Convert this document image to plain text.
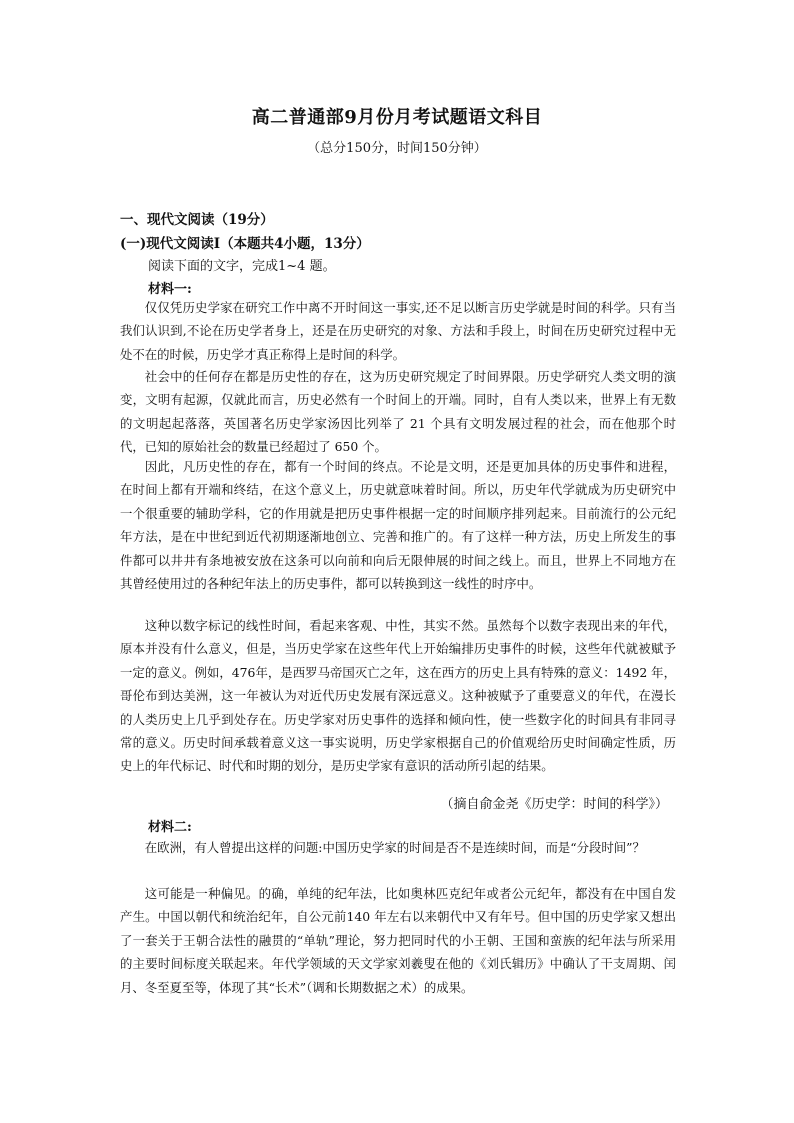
高二普通部9月份月考试题语文科目
（总分150分，时间150分钟）
一、现代文阅读（19分）
(一)现代文阅读Ⅰ（本题共4小题，13分）
阅读下面的文字，完成1~4 题。
材料一:

仅仅凭历史学家在研究工作中离不开时间这一事实,还不足以断言历史学就是时间的科学。只有当我们认识到,不论在历史学者身上，还是在历史研究的对象、方法和手段上，时间在历史研究过程中无处不在的时候，历史学才真正称得上是时间的科学。

社会中的任何存在都是历史性的存在，这为历史研究规定了时间界限。历史学研究人类文明的演变，文明有起源，仅就此而言，历史必然有一个时间上的开端。同时，自有人类以来，世界上有无数的文明起起落落，英国著名历史学家汤因比列举了 21 个具有文明发展过程的社会，而在他那个时代，已知的原始社会的数量已经超过了 650 个。

因此，凡历史性的存在，都有一个时间的终点。不论是文明，还是更加具体的历史事件和进程，在时间上都有开端和终结，在这个意义上，历史就意味着时间。所以，历史年代学就成为历史研究中一个很重要的辅助学科，它的作用就是把历史事件根据一定的时间顺序排列起来。目前流行的公元纪年方法，是在中世纪到近代初期逐渐地创立、完善和推广的。有了这样一种方法，历史上所发生的事件都可以井井有条地被安放在这条可以向前和向后无限伸展的时间之线上。而且，世界上不同地方在其曾经使用过的各种纪年法上的历史事件，都可以转换到这一线性的时序中。

这种以数字标记的线性时间，看起来客观、中性，其实不然。虽然每个以数字表现出来的年代，原本并没有什么意义，但是，当历史学家在这些年代上开始编排历史事件的时候，这些年代就被赋予一定的意义。例如，476年，是西罗马帝国灭亡之年，这在西方的历史上具有特殊的意义：1492 年，哥伦布到达美洲，这一年被认为对近代历史发展有深远意义。这种被赋予了重要意义的年代，在漫长的人类历史上几乎到处存在。历史学家对历史事件的选择和倾向性，使一些数字化的时间具有非同寻常的意义。历史时间承载着意义这一事实说明，历史学家根据自己的价值观给历史时间确定性质，历史上的年代标记、时代和时期的划分，是历史学家有意识的活动所引起的结果。

（摘自俞金尧《历史学：时间的科学》）
材料二:

在欧洲，有人曾提出这样的问题:中国历史学家的时间是否不是连续时间，而是“分段时间”？

这可能是一种偏见。的确，单纯的纪年法，比如奥林匹克纪年或者公元纪年，都没有在中国自发产生。中国以朝代和统治纪年，自公元前140 年左右以来朝代中又有年号。但中国的历史学家又想出了一套关于王朝合法性的融贯的“单轨”理论，努力把同时代的小王朝、王国和蛮族的纪年法与所采用的主要时间标度关联起来。年代学领域的天文学家刘羲叟在他的《刘氏辑历》中确认了干支周期、闰月、冬至夏至等，体现了其“长术”（调和长期数据之术）的成果。
